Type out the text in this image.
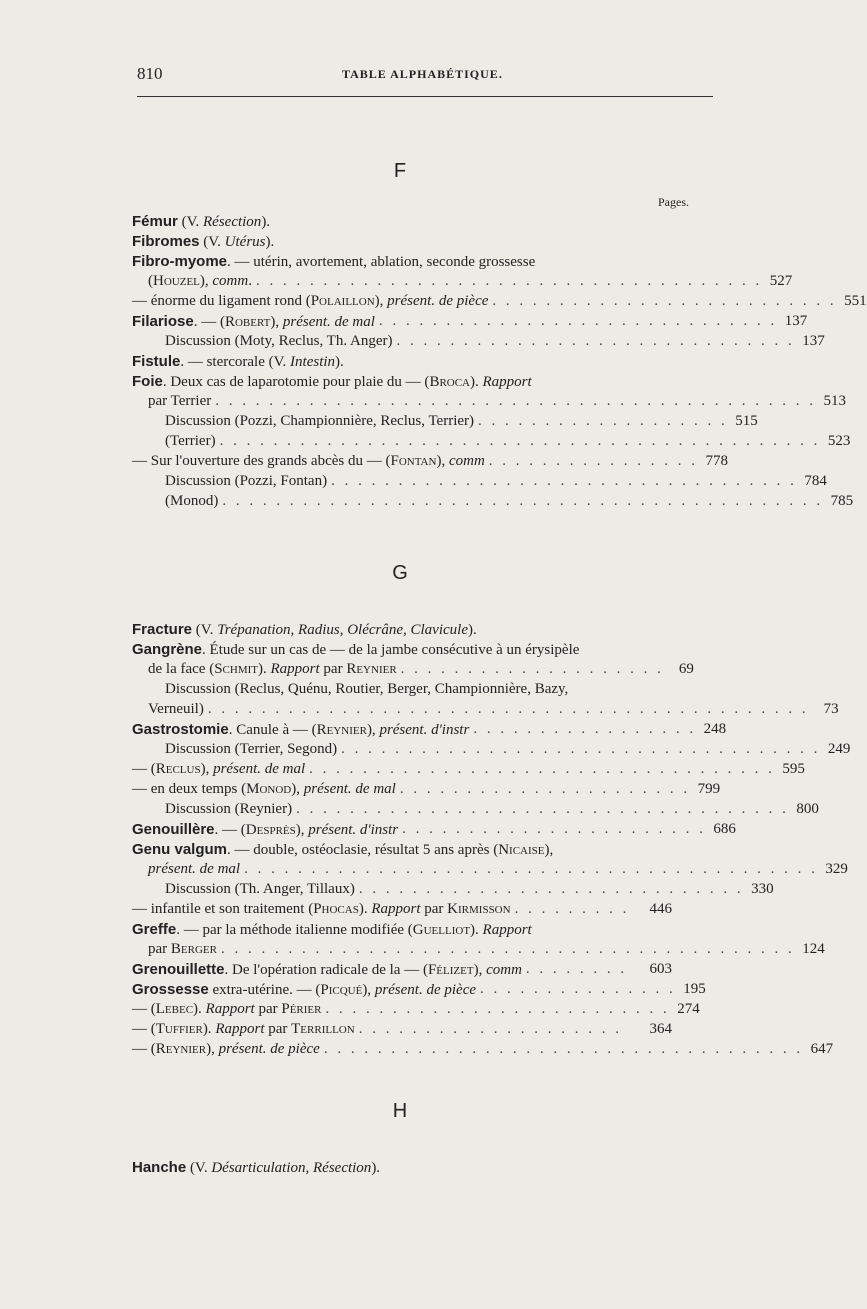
810	TABLE ALPHABÉTIQUE.
F
Pages.
Fémur (V. Résection).
Fibromes (V. Utérus).
Fibro-myome. — utérin, avortement, ablation, seconde grossesse
(Houzel), comm. . . . . . . . . . . . . . . . . . . . . . . . . . . . . . . . . . . . . . . 527
— énorme du ligament rond (Polaillon), présent. de pièce . . . . . . . . . . . . . . . . . . . . . . . . . . 551
Filariose. — (Robert), présent. de mal . . . . . . . . . . . . . . . . . . . . . . . . . . . . . . 137
Discussion (Moty, Reclus, Th. Anger) . . . . . . . . . . . . . . . . . . . . . . . . . . . . . . 137
Fistule. — stercorale (V. Intestin).
Foie. Deux cas de laparotomie pour plaie du — (Broca). Rapport
par Terrier . . . . . . . . . . . . . . . . . . . . . . . . . . . . . . . . . . . . . . . . . . . . . 513
Discussion (Pozzi, Championnière, Reclus, Terrier) . . . . . . . . . . . . . . . . . . . 515
(Terrier) . . . . . . . . . . . . . . . . . . . . . . . . . . . . . . . . . . . . . . . . . . . . . 523
— Sur l'ouverture des grands abcès du — (Fontan), comm . . . . . . . . . . . . . . . . 778
Discussion (Pozzi, Fontan) . . . . . . . . . . . . . . . . . . . . . . . . . . . . . . . . . . . 784
(Monod) . . . . . . . . . . . . . . . . . . . . . . . . . . . . . . . . . . . . . . . . . . . . . 785
G
Fracture (V. Trépanation, Radius, Olécrâne, Clavicule).
Gangrène. Étude sur un cas de — de la jambe consécutive à un érysipèle
de la face (Schmit). Rapport par Reynier . . . . . . . . . . . . . . . . . . . .	69
Discussion (Reclus, Quénu, Routier, Berger, Championnière, Bazy,
Verneuil) . . . . . . . . . . . . . . . . . . . . . . . . . . . . . . . . . . . . . . . . . . . . .	73
Gastrostomie. Canule à — (Reynier), présent. d'instr . . . . . . . . . . . . . . . . . 248
Discussion (Terrier, Segond) . . . . . . . . . . . . . . . . . . . . . . . . . . . . . . . . . . . . 249
— (Reclus), présent. de mal . . . . . . . . . . . . . . . . . . . . . . . . . . . . . . . . . . . 595
— en deux temps (Monod), présent. de mal . . . . . . . . . . . . . . . . . . . . . . 799
Discussion (Reynier) . . . . . . . . . . . . . . . . . . . . . . . . . . . . . . . . . . . . . 800
Genouillère. — (Desprès), présent. d'instr . . . . . . . . . . . . . . . . . . . . . . . 686
Genu valgum. — double, ostéoclasie, résultat 5 ans après (Nicaise),
présent. de mal . . . . . . . . . . . . . . . . . . . . . . . . . . . . . . . . . . . . . . . . . . . 329
Discussion (Th. Anger, Tillaux) . . . . . . . . . . . . . . . . . . . . . . . . . . . . . 330
— infantile et son traitement (Phocas). Rapport par Kirmisson . . . . . . . . .	446
Greffe. — par la méthode italienne modifiée (Guelliot). Rapport
par Berger . . . . . . . . . . . . . . . . . . . . . . . . . . . . . . . . . . . . . . . . . . . 124
Grenouillette. De l'opération radicale de la — (Félizet), comm . . . . . . . .	603
Grossesse extra-utérine. — (Picqué), présent. de pièce . . . . . . . . . . . . . . . 195
— (Lebec). Rapport par Périer . . . . . . . . . . . . . . . . . . . . . . . . . . 274
— (Tuffier). Rapport par Terrillon . . . . . . . . . . . . . . . . . . . .	364
— (Reynier), présent. de pièce . . . . . . . . . . . . . . . . . . . . . . . . . . . . . . . . . . . . 647
H
Hanche (V. Désarticulation, Résection).
